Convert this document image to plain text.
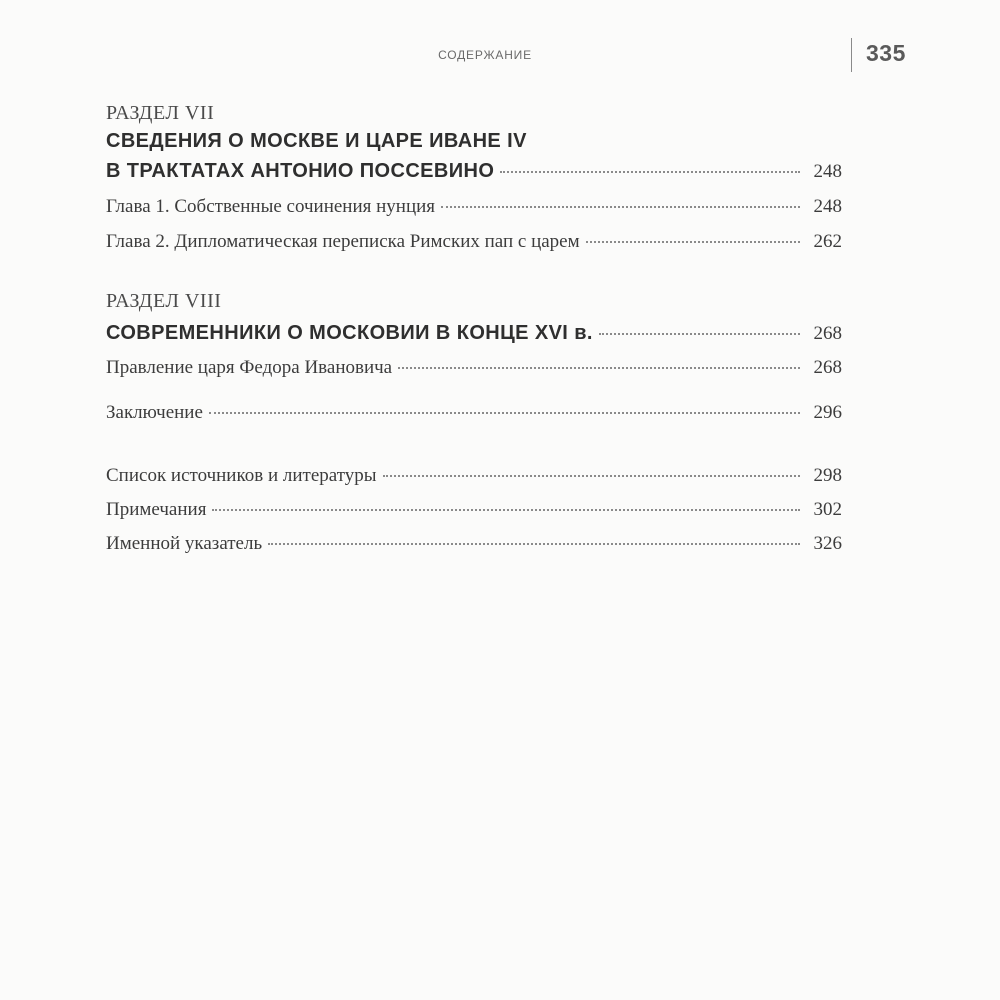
СОДЕРЖАНИЕ	335
РАЗДЕЛ VII
СВЕДЕНИЯ О МОСКВЕ И ЦАРЕ ИВАНЕ IV
В ТРАКТАТАХ АНТОНИО ПОССЕВИНО	248
Глава 1. Собственные сочинения нунция	248
Глава 2. Дипломатическая переписка Римских пап с царем	262
РАЗДЕЛ VIII
СОВРЕМЕННИКИ О МОСКОВИИ В КОНЦЕ XVI в.	268
Правление царя Федора Ивановича	268
Заключение	296
Список источников и литературы	298
Примечания	302
Именной указатель	326
